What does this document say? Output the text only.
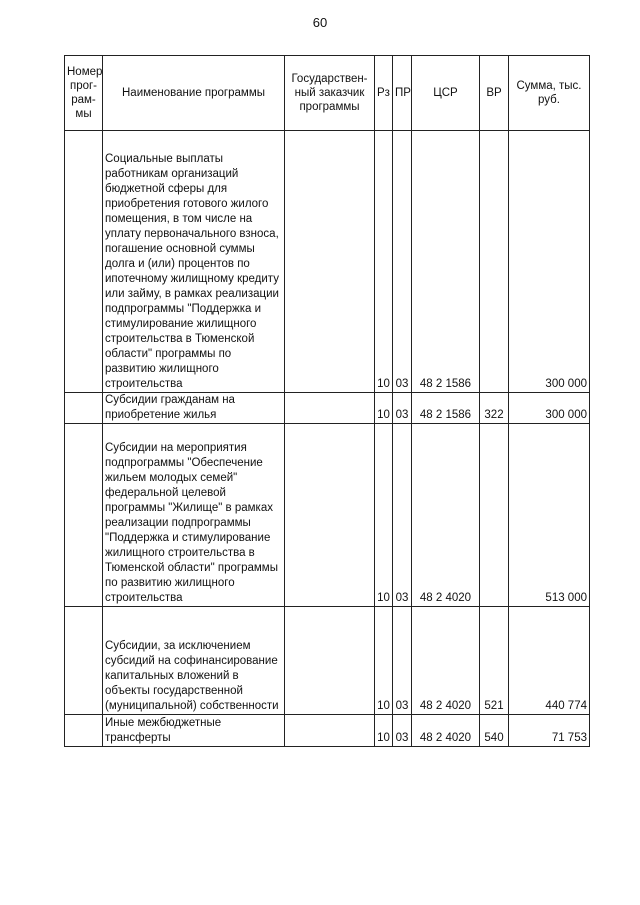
60
Номер прог-рам-мы	Наименование программы	Государствен-ный заказчик программы	Рз	ПР	ЦСР	ВР	Сумма, тыс. руб.
	Социальные выплаты работникам организаций бюджетной сферы для приобретения готового жилого помещения, в том числе на уплату первоначального взноса, погашение основной суммы долга и (или) процентов по ипотечному жилищному кредиту или займу, в рамках реализации подпрограммы "Поддержка и стимулирование жилищного строительства в Тюменской области" программы по развитию жилищного строительства		10	03	48 2 1586		300 000
	Субсидии гражданам на приобретение жилья		10	03	48 2 1586	322	300 000
	Субсидии на мероприятия подпрограммы "Обеспечение жильем молодых семей" федеральной целевой программы "Жилище" в рамках реализации подпрограммы "Поддержка и стимулирование жилищного строительства в Тюменской области" программы по развитию жилищного строительства		10	03	48 2 4020		513 000
	Субсидии, за исключением субсидий на софинансирование капитальных вложений в объекты государственной (муниципальной) собственности		10	03	48 2 4020	521	440 774
	Иные межбюджетные трансферты		10	03	48 2 4020	540	71 753
